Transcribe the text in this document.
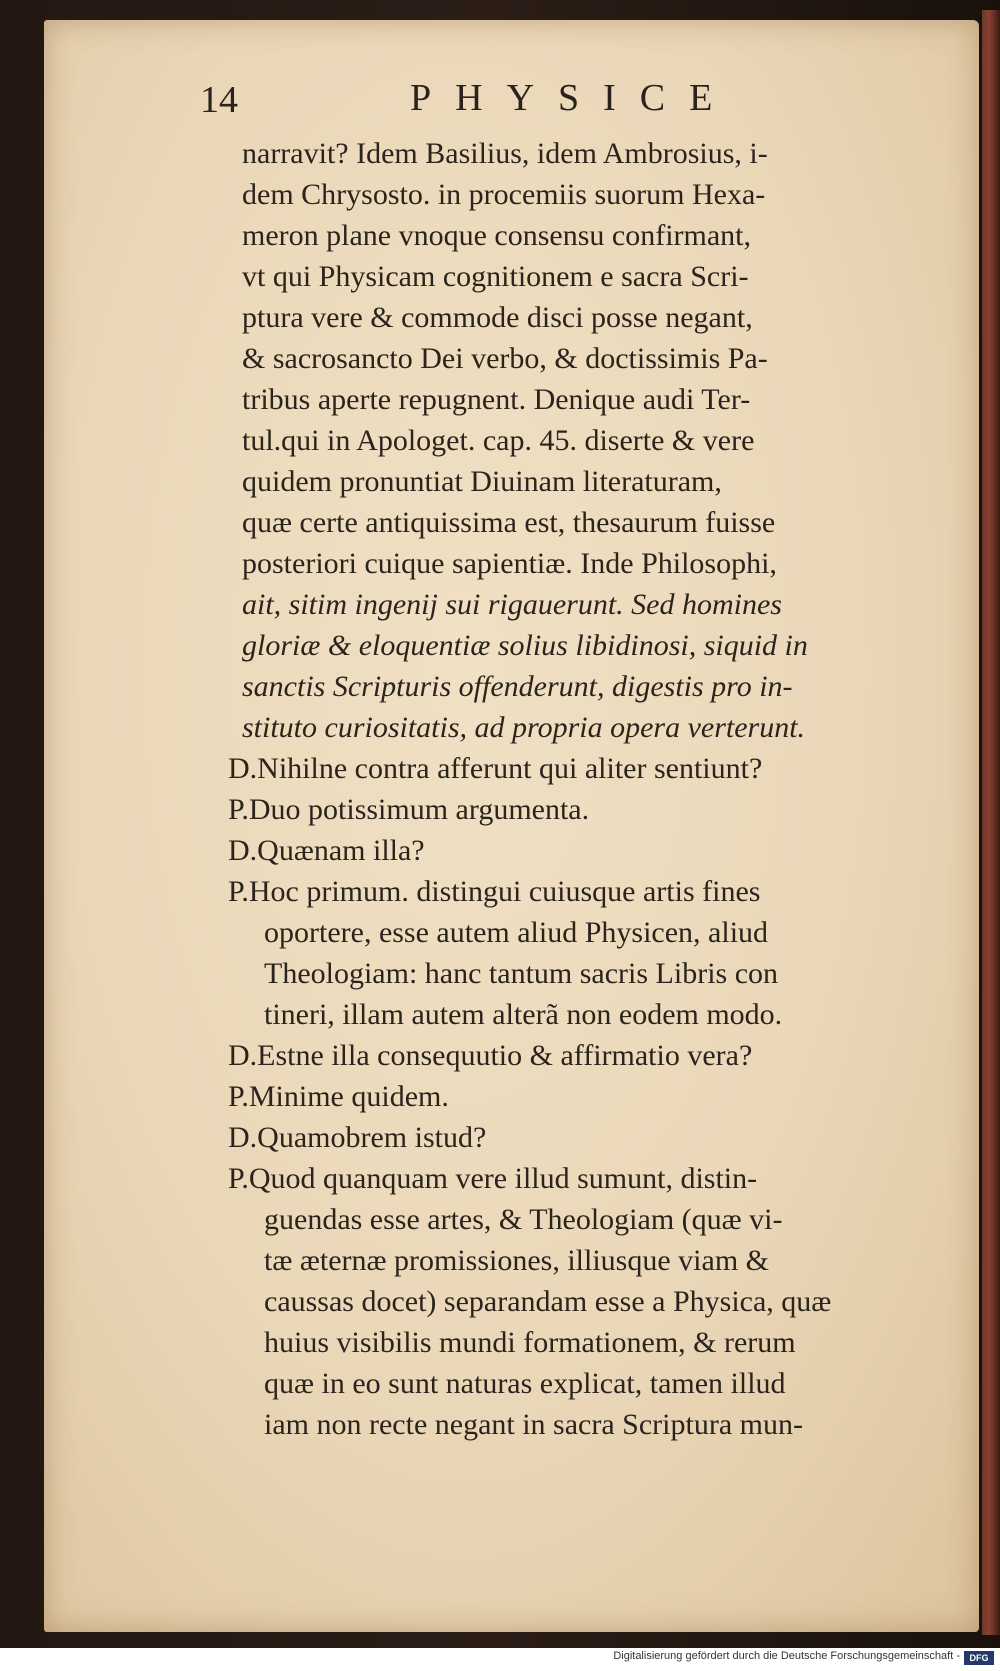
14	PHYSICE
narravit? Idem Basilius, idem Ambrosius, i-
dem Chrysosto. in procemiis suorum Hexa-
meron plane vnoque consensu confirmant,
vt qui Physicam cognitionem e sacra Scri-
ptura vere & commode disci posse negant,
& sacrosancto Dei verbo, & doctissimis Pa-
tribus aperte repugnent. Denique audi Ter-
tul.qui in Apologet. cap. 45. diserte & vere
quidem pronuntiat Diuinam literaturam,
quæ certe antiquissima est, thesaurum fuisse
posteriori cuique sapientiæ. Inde Philosophi,
ait, sitim ingenij sui rigauerunt. Sed homines
gloriæ & eloquentiæ solius libidinosi, siquid in
sanctis Scripturis offenderunt, digestis pro in-
stituto curiositatis, ad propria opera verterunt.
D.Nihilne contra afferunt qui aliter sentiunt?
P.Duo potissimum argumenta.
D.Quænam illa?
P.Hoc primum. distingui cuiusque artis fines
oportere, esse autem aliud Physicen, aliud
Theologiam: hanc tantum sacris Libris con
tineri, illam autem alterã non eodem modo.
D.Estne illa consequutio & affirmatio vera?
P.Minime quidem.
D.Quamobrem istud?
P.Quod quanquam vere illud sumunt, distin-
guendas esse artes, & Theologiam (quæ vi-
tæ æternæ promissiones, illiusque viam &
caussas docet) separandam esse a Physica, quæ
huius visibilis mundi formationem, & rerum
quæ in eo sunt naturas explicat, tamen illud
iam non recte negant in sacra Scriptura mun-
Digitalisierung gefördert durch die Deutsche Forschungsgemeinschaft -	DFG
